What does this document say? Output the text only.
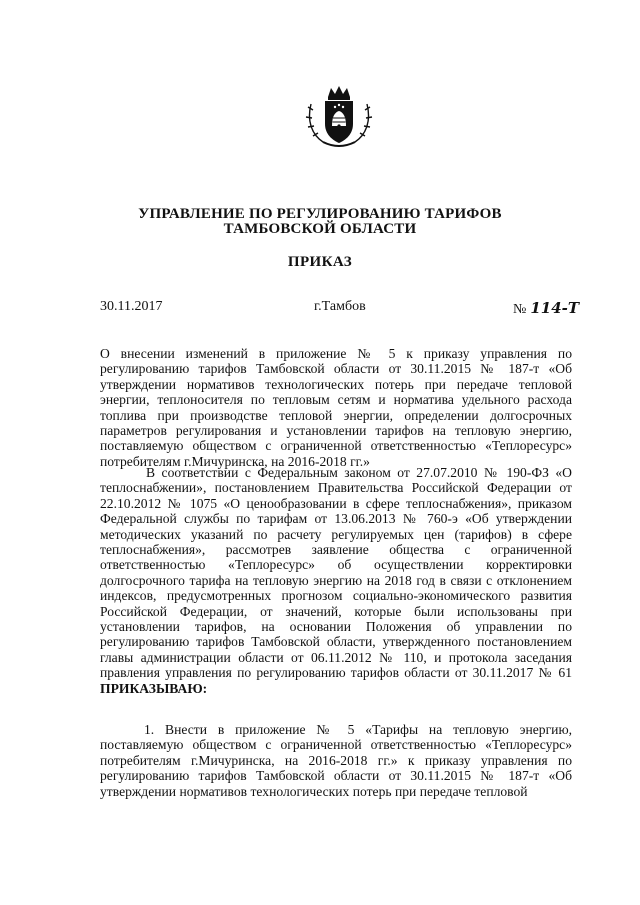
УПРАВЛЕНИЕ ПО РЕГУЛИРОВАНИЮ ТАРИФОВ
ТАМБОВСКОЙ ОБЛАСТИ
ПРИКАЗ
30.11.2017	г.Тамбов	№ 114-Т

О внесении изменений в приложение № 5 к приказу управления по регулированию тарифов Тамбовской области от 30.11.2015 № 187-т «Об утверждении нормативов технологических потерь при передаче тепловой энергии, теплоносителя по тепловым сетям и норматива удельного расхода топлива при производстве тепловой энергии, определении долгосрочных параметров регулирования и установлении тарифов на тепловую энергию, поставляемую обществом с ограниченной ответственностью «Теплоресурс» потребителям г.Мичуринска, на 2016-2018 гг.»

В соответствии с Федеральным законом от 27.07.2010 № 190-ФЗ «О теплоснабжении», постановлением Правительства Российской Федерации от 22.10.2012 № 1075 «О ценообразовании в сфере теплоснабжения», приказом Федеральной службы по тарифам от 13.06.2013 № 760-э «Об утверждении методических указаний по расчету регулируемых цен (тарифов) в сфере теплоснабжения», рассмотрев заявление общества с ограниченной ответственностью «Теплоресурс» об осуществлении корректировки долгосрочного тарифа на тепловую энергию на 2018 год в связи с отклонением индексов, предусмотренных прогнозом социально-экономического развития Российской Федерации, от значений, которые были использованы при установлении тарифов, на основании Положения об управлении по регулированию тарифов Тамбовской области, утвержденного постановлением главы администрации области от 06.11.2012 № 110, и протокола заседания правления управления по регулированию тарифов области от 30.11.2017 № 61 ПРИКАЗЫВАЮ:

1. Внести в приложение № 5 «Тарифы на тепловую энергию, поставляемую обществом с ограниченной ответственностью «Теплоресурс» потребителям г.Мичуринска, на 2016-2018 гг.» к приказу управления по регулированию тарифов Тамбовской области от 30.11.2015 № 187-т «Об утверждении нормативов технологических потерь при передаче тепловой
